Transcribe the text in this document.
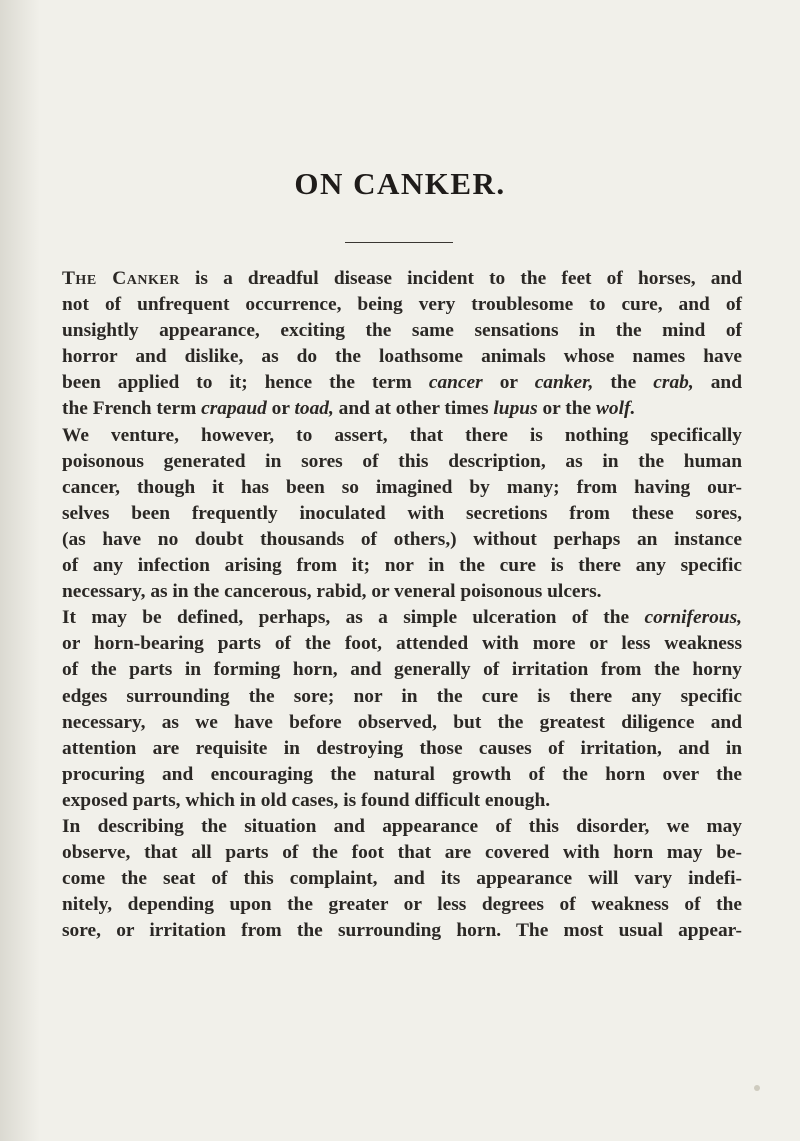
ON CANKER.
The Canker is a dreadful disease incident to the feet of horses, and
not of unfrequent occurrence, being very troublesome to cure, and of
unsightly appearance, exciting the same sensations in the mind of
horror and dislike, as do the loathsome animals whose names have
been applied to it; hence the term cancer or canker, the crab, and
the French term crapaud or toad, and at other times lupus or the wolf.
We venture, however, to assert, that there is nothing specifically
poisonous generated in sores of this description, as in the human
cancer, though it has been so imagined by many; from having our-
selves been frequently inoculated with secretions from these sores,
(as have no doubt thousands of others,) without perhaps an instance
of any infection arising from it; nor in the cure is there any specific
necessary, as in the cancerous, rabid, or veneral poisonous ulcers.
It may be defined, perhaps, as a simple ulceration of the corniferous,
or horn-bearing parts of the foot, attended with more or less weakness
of the parts in forming horn, and generally of irritation from the horny
edges surrounding the sore; nor in the cure is there any specific
necessary, as we have before observed, but the greatest diligence and
attention are requisite in destroying those causes of irritation, and in
procuring and encouraging the natural growth of the horn over the
exposed parts, which in old cases, is found difficult enough.
In describing the situation and appearance of this disorder, we may
observe, that all parts of the foot that are covered with horn may be-
come the seat of this complaint, and its appearance will vary indefi-
nitely, depending upon the greater or less degrees of weakness of the
sore, or irritation from the surrounding horn. The most usual appear-
